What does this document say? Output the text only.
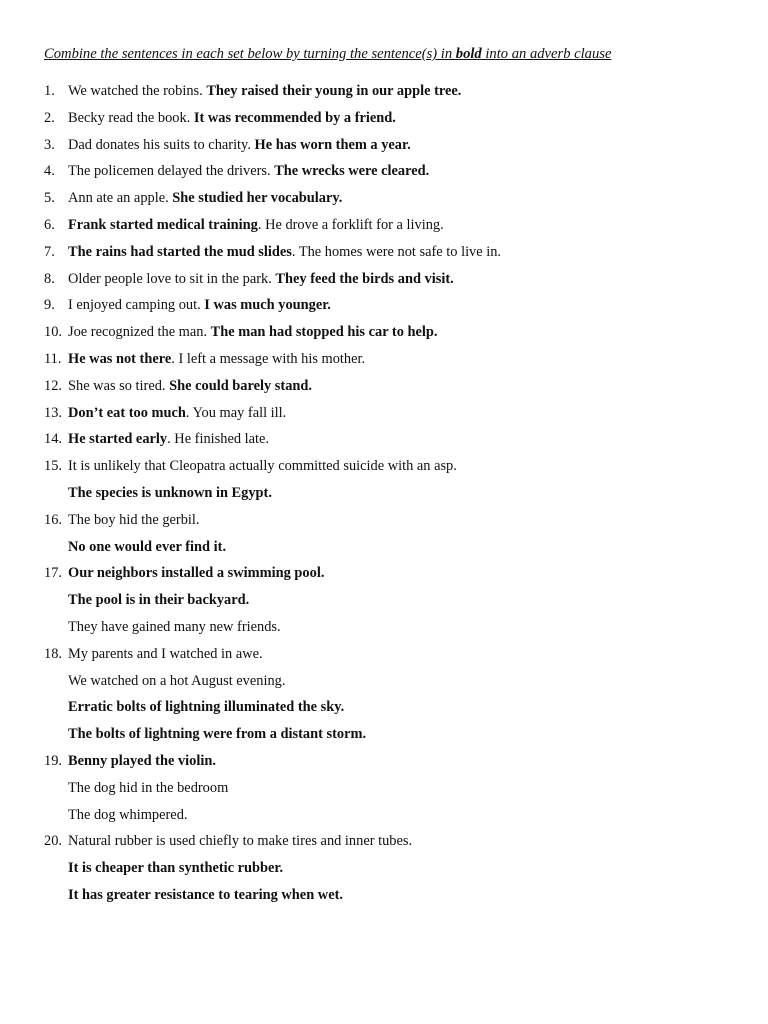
Combine the sentences in each set below by turning the sentence(s) in bold into an adverb clause
1. We watched the robins. They raised their young in our apple tree.
2. Becky read the book. It was recommended by a friend.
3. Dad donates his suits to charity. He has worn them a year.
4. The policemen delayed the drivers. The wrecks were cleared.
5. Ann ate an apple. She studied her vocabulary.
6. Frank started medical training. He drove a forklift for a living.
7. The rains had started the mud slides. The homes were not safe to live in.
8. Older people love to sit in the park. They feed the birds and visit.
9. I enjoyed camping out. I was much younger.
10. Joe recognized the man. The man had stopped his car to help.
11. He was not there. I left a message with his mother.
12. She was so tired. She could barely stand.
13. Don’t eat too much. You may fall ill.
14. He started early. He finished late.
15. It is unlikely that Cleopatra actually committed suicide with an asp.
The species is unknown in Egypt.
16. The boy hid the gerbil.
No one would ever find it.
17. Our neighbors installed a swimming pool.
The pool is in their backyard.
They have gained many new friends.
18. My parents and I watched in awe.
We watched on a hot August evening.
Erratic bolts of lightning illuminated the sky.
The bolts of lightning were from a distant storm.
19. Benny played the violin.
The dog hid in the bedroom
The dog whimpered.
20. Natural rubber is used chiefly to make tires and inner tubes.
It is cheaper than synthetic rubber.
It has greater resistance to tearing when wet.
